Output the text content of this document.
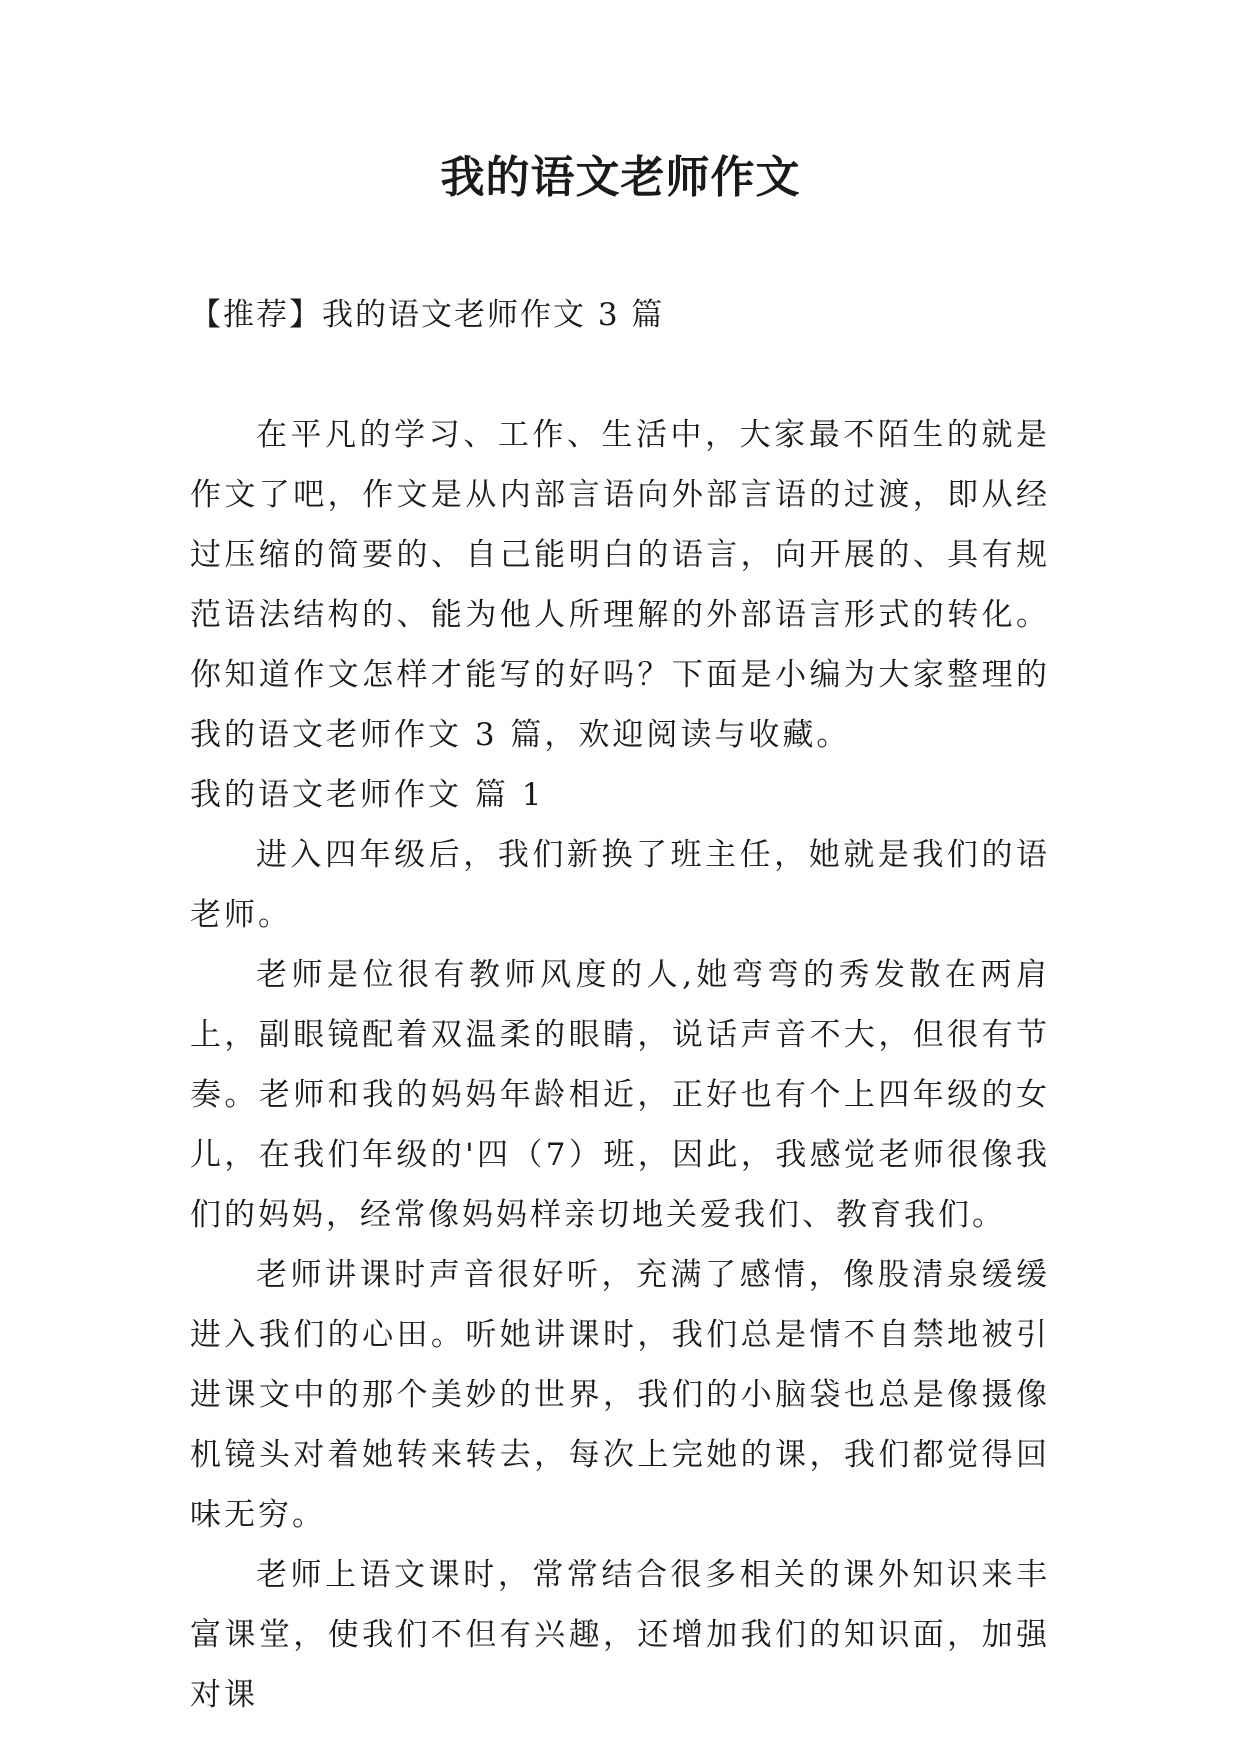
我的语文老师作文
【推荐】我的语文老师作文 3 篇

在平凡的学习、工作、生活中，大家最不陌生的就是作文了吧，作文是从内部言语向外部言语的过渡，即从经过压缩的简要的、自己能明白的语言，向开展的、具有规范语法结构的、能为他人所理解的外部语言形式的转化。你知道作文怎样才能写的好吗？下面是小编为大家整理的我的语文老师作文 3 篇，欢迎阅读与收藏。

我的语文老师作文 篇 1

进入四年级后，我们新换了班主任，她就是我们的语老师。

老师是位很有教师风度的人,她弯弯的秀发散在两肩上，副眼镜配着双温柔的眼睛，说话声音不大，但很有节奏。老师和我的妈妈年龄相近，正好也有个上四年级的女儿，在我们年级的'四（7）班，因此，我感觉老师很像我们的妈妈，经常像妈妈样亲切地关爱我们、教育我们。

老师讲课时声音很好听，充满了感情，像股清泉缓缓进入我们的心田。听她讲课时，我们总是情不自禁地被引进课文中的那个美妙的世界，我们的小脑袋也总是像摄像机镜头对着她转来转去，每次上完她的课，我们都觉得回味无穷。

老师上语文课时，常常结合很多相关的课外知识来丰富课堂，使我们不但有兴趣，还增加我们的知识面，加强对课
